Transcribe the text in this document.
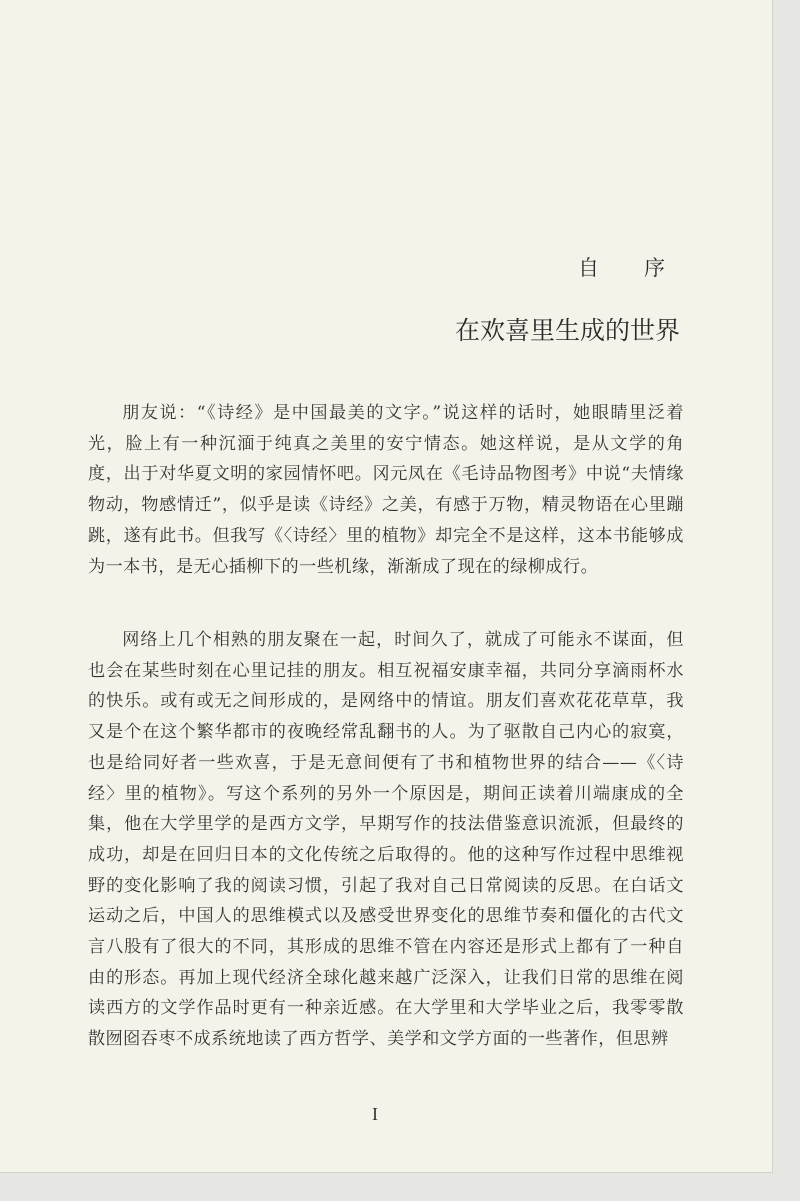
自　序
在欢喜里生成的世界

朋友说：“《诗经》是中国最美的文字。”说这样的话时，她眼睛里泛着光，脸上有一种沉湎于纯真之美里的安宁情态。她这样说，是从文学的角度，出于对华夏文明的家园情怀吧。冈元凤在《毛诗品物图考》中说“夫情缘物动，物感情迁”，似乎是读《诗经》之美，有感于万物，精灵物语在心里蹦跳，遂有此书。但我写《〈诗经〉里的植物》却完全不是这样，这本书能够成为一本书，是无心插柳下的一些机缘，渐渐成了现在的绿柳成行。

网络上几个相熟的朋友聚在一起，时间久了，就成了可能永不谋面，但也会在某些时刻在心里记挂的朋友。相互祝福安康幸福，共同分享滴雨杯水的快乐。或有或无之间形成的，是网络中的情谊。朋友们喜欢花花草草，我又是个在这个繁华都市的夜晚经常乱翻书的人。为了驱散自己内心的寂寞，也是给同好者一些欢喜，于是无意间便有了书和植物世界的结合——《〈诗经〉里的植物》。写这个系列的另外一个原因是，期间正读着川端康成的全集，他在大学里学的是西方文学，早期写作的技法借鉴意识流派，但最终的成功，却是在回归日本的文化传统之后取得的。他的这种写作过程中思维视野的变化影响了我的阅读习惯，引起了我对自己日常阅读的反思。在白话文运动之后，中国人的思维模式以及感受世界变化的思维节奏和僵化的古代文言八股有了很大的不同，其形成的思维不管在内容还是形式上都有了一种自由的形态。再加上现代经济全球化越来越广泛深入，让我们日常的思维在阅读西方的文学作品时更有一种亲近感。在大学里和大学毕业之后，我零零散散囫囵吞枣不成系统地读了西方哲学、美学和文学方面的一些著作，但思辨

I
